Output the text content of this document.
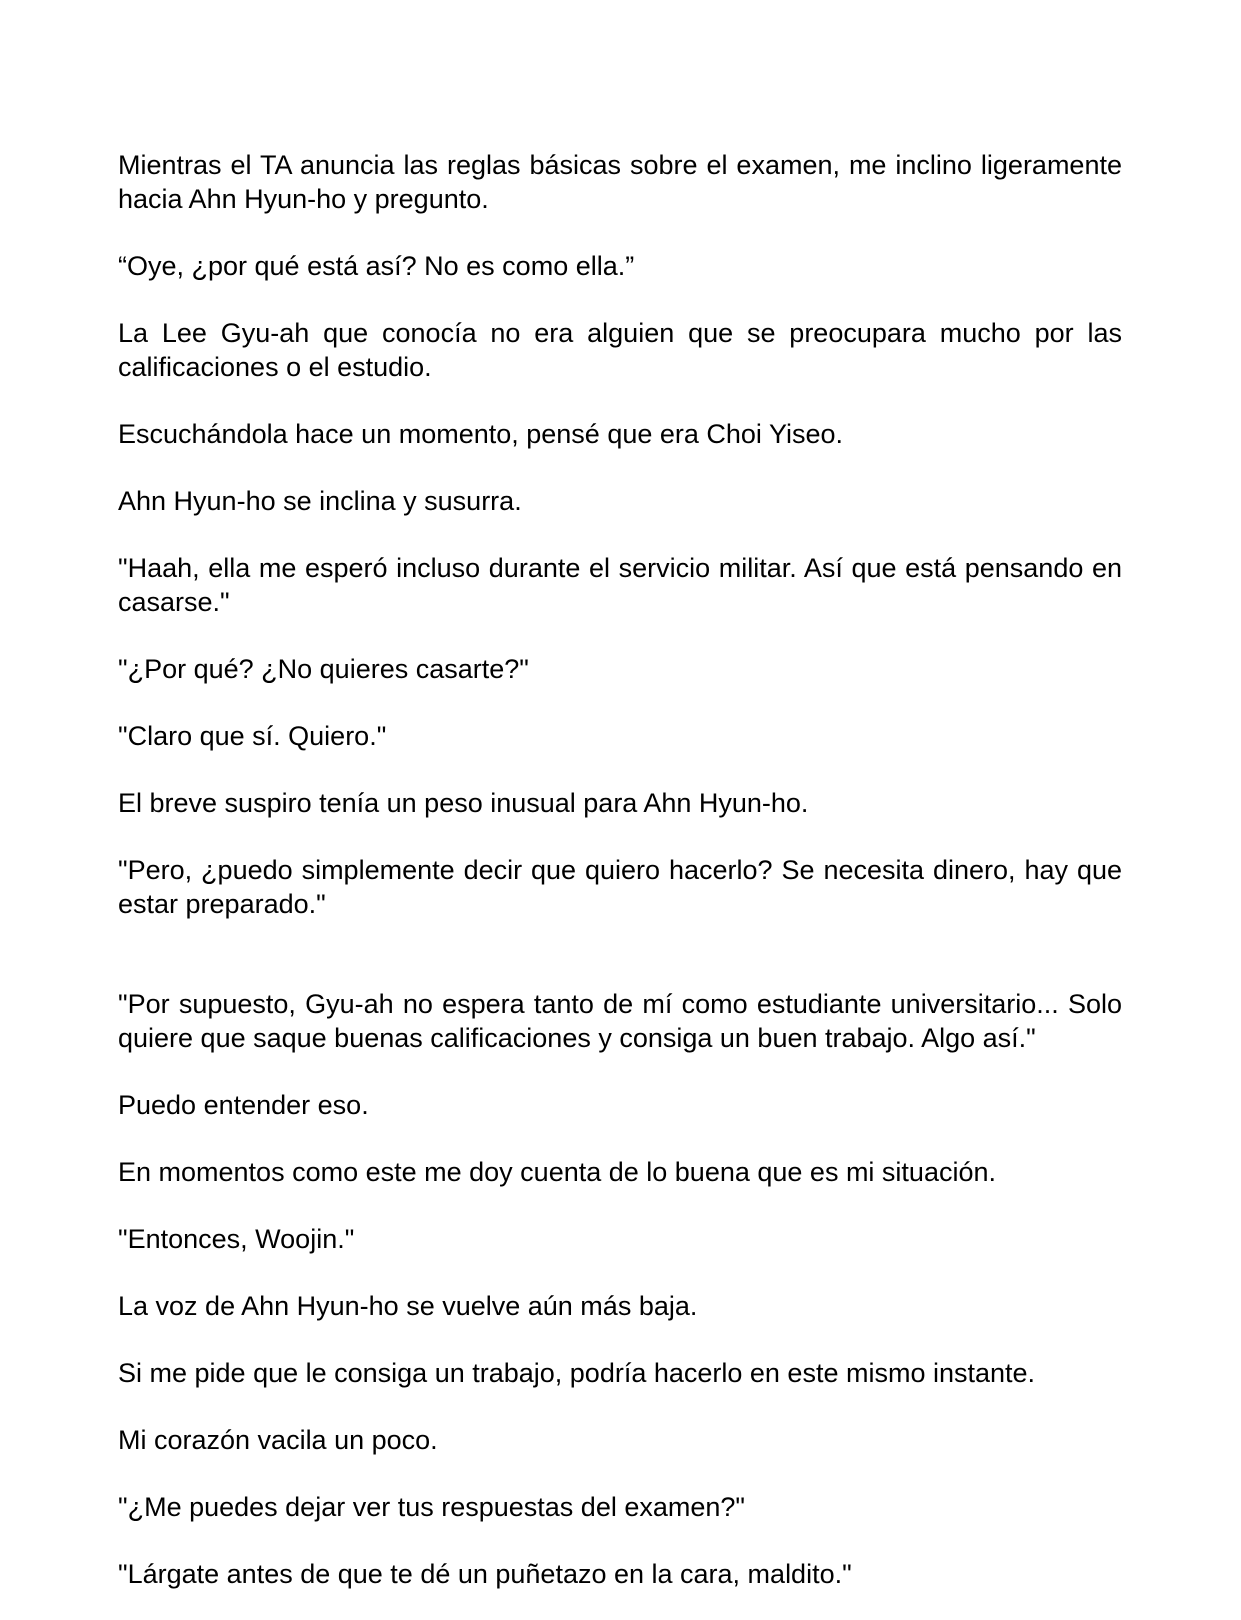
Mientras el TA anuncia las reglas básicas sobre el examen, me inclino ligeramente hacia Ahn Hyun-ho y pregunto.

“Oye, ¿por qué está así? No es como ella.”

La Lee Gyu-ah que conocía no era alguien que se preocupara mucho por las calificaciones o el estudio.

Escuchándola hace un momento, pensé que era Choi Yiseo.

Ahn Hyun-ho se inclina y susurra.

"Haah, ella me esperó incluso durante el servicio militar. Así que está pensando en casarse."

"¿Por qué? ¿No quieres casarte?"

"Claro que sí. Quiero."

El breve suspiro tenía un peso inusual para Ahn Hyun-ho.

"Pero, ¿puedo simplemente decir que quiero hacerlo? Se necesita dinero, hay que estar preparado."

"Por supuesto, Gyu-ah no espera tanto de mí como estudiante universitario... Solo quiere que saque buenas calificaciones y consiga un buen trabajo. Algo así."

Puedo entender eso.

En momentos como este me doy cuenta de lo buena que es mi situación.

"Entonces, Woojin."

La voz de Ahn Hyun-ho se vuelve aún más baja.

Si me pide que le consiga un trabajo, podría hacerlo en este mismo instante.

Mi corazón vacila un poco.

"¿Me puedes dejar ver tus respuestas del examen?"

"Lárgate antes de que te dé un puñetazo en la cara, maldito."
